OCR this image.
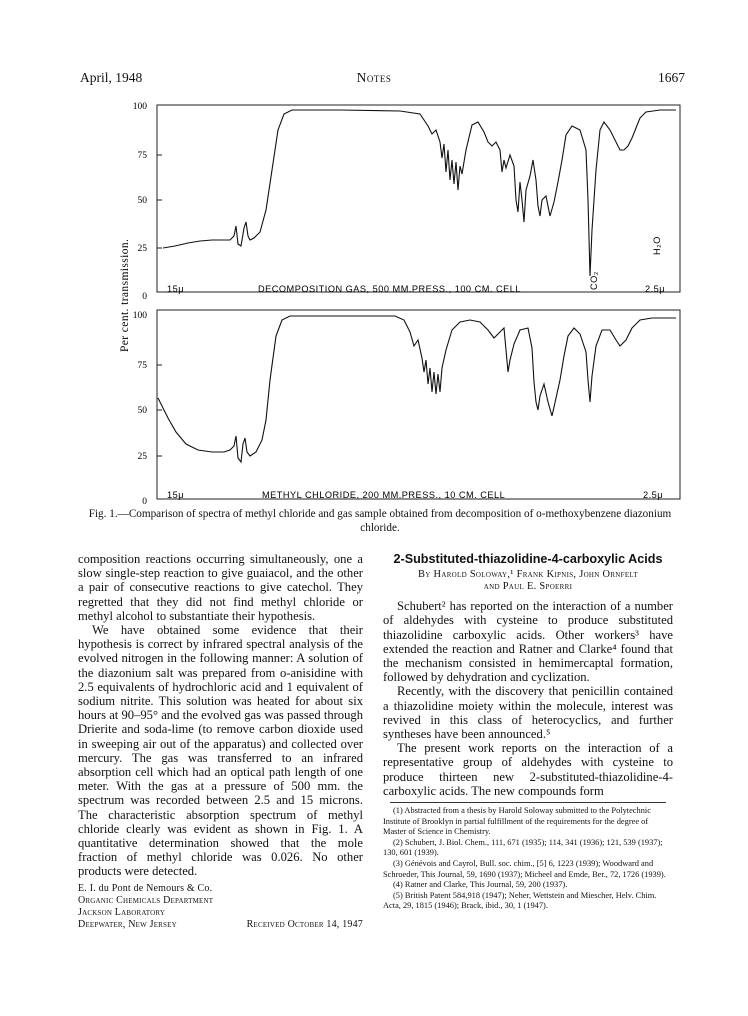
April, 1948	Notes	1667
100
75
50
25
0
15μ	DECOMPOSITION GAS, 500 MM.PRESS., 100 CM. CELL	2.5μ
CO₂
H₂O
Per cent. transmission. 100
75
50
25
0
15μ	METHYL CHLORIDE, 200 MM.PRESS., 10 CM. CELL	2.5μ
Fig. 1.—Comparison of spectra of methyl chloride and gas sample obtained from decomposition of o-methoxybenzene diazonium chloride.

composition reactions occurring simultaneously, one a slow single-step reaction to give guaiacol, and the other a pair of consecutive reactions to give catechol. They regretted that they did not find methyl chloride or methyl alcohol to substantiate their hypothesis.

We have obtained some evidence that their hypothesis is correct by infrared spectral analysis of the evolved nitrogen in the following manner: A solution of the diazonium salt was prepared from o-anisidine with 2.5 equivalents of hydrochloric acid and 1 equivalent of sodium nitrite. This solution was heated for about six hours at 90–95° and the evolved gas was passed through Drierite and soda-lime (to remove carbon dioxide used in sweeping air out of the apparatus) and collected over mercury. The gas was transferred to an infrared absorption cell which had an optical path length of one meter. With the gas at a pressure of 500 mm. the spectrum was recorded between 2.5 and 15 microns. The characteristic absorption spectrum of methyl chloride clearly was evident as shown in Fig. 1. A quantitative determination showed that the mole fraction of methyl chloride was 0.026. No other products were detected.

E. I. du Pont de Nemours & Co.
Organic Chemicals Department
Jackson Laboratory
Deepwater, New Jersey	Received October 14, 1947
2-Substituted-thiazolidine-4-carboxylic Acids
By Harold Soloway,¹ Frank Kipnis, John Ornfelt
and Paul E. Spoerri

Schubert² has reported on the interaction of a number of aldehydes with cysteine to produce substituted thiazolidine carboxylic acids. Other workers³ have extended the reaction and Ratner and Clarke⁴ found that the mechanism consisted in hemimercaptal formation, followed by dehydration and cyclization.

Recently, with the discovery that penicillin contained a thiazolidine moiety within the molecule, interest was revived in this class of heterocyclics, and further syntheses have been announced.⁵

The present work reports on the interaction of a representative group of aldehydes with cysteine to produce thirteen new 2-substituted-thiazolidine-4-carboxylic acids. The new compounds form

(1) Abstracted from a thesis by Harold Soloway submitted to the Polytechnic Institute of Brooklyn in partial fulfillment of the requirements for the degree of Master of Science in Chemistry.

(2) Schubert, J. Biol. Chem., 111, 671 (1935); 114, 341 (1936); 121, 539 (1937); 130, 601 (1939).

(3) Génévois and Cayrol, Bull. soc. chim., [5] 6, 1223 (1939); Woodward and Schroeder, This Journal, 59, 1690 (1937); Micheel and Emde, Ber., 72, 1726 (1939).

(4) Ratner and Clarke, This Journal, 59, 200 (1937).

(5) British Patent 584,918 (1947); Neher, Wettstein and Miescher, Helv. Chim. Acta, 29, 1815 (1946); Brack, ibid., 30, 1 (1947).
